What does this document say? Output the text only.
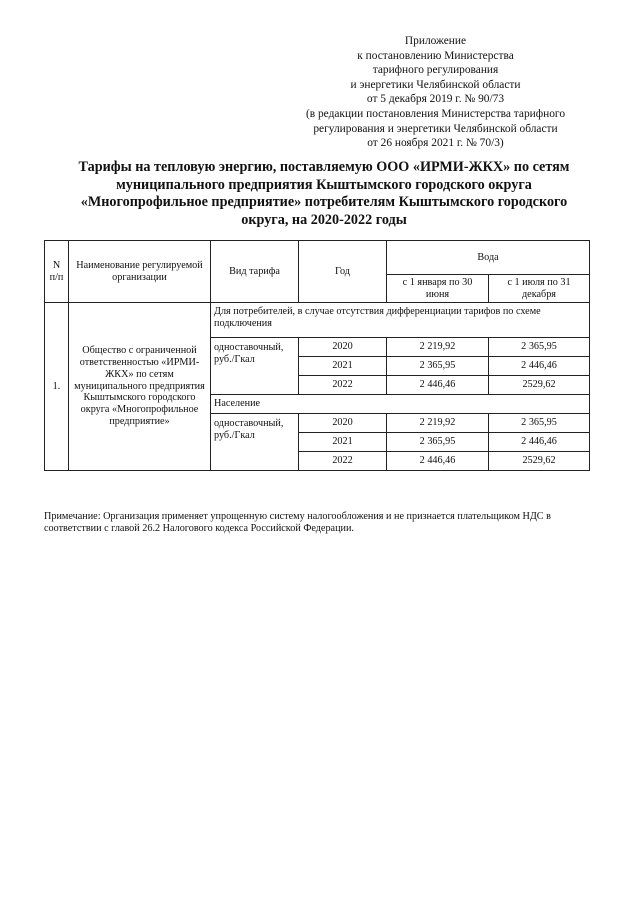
Приложение
к постановлению Министерства
тарифного регулирования
и энергетики Челябинской области
от 5 декабря 2019 г. № 90/73
(в редакции постановления Министерства тарифного
регулирования и энергетики Челябинской области
от 26 ноября 2021 г. № 70/3)
Тарифы на тепловую энергию, поставляемую ООО «ИРМИ-ЖКХ» по сетям
муниципального предприятия Кыштымского городского округа
«Многопрофильное предприятие» потребителям Кыштымского городского
округа, на 2020-2022 годы
N п/п	Наименование регулируемой организации	Вид тарифа	Год	Вода	
				с 1 января по 30 июня	с 1 июля по 31 декабря
1.	Общество с ограниченной ответственностью «ИРМИ-ЖКХ» по сетям муниципального предприятия Кыштымского городского округа «Многопрофильное предприятие»	Для потребителей, в случае отсутствия дифференциации тарифов по схеме подключения			
		одноставочный, руб./Гкал	2020	2 219,92	2 365,95
			2021	2 365,95	2 446,46
			2022	2 446,46	2529,62
		Население			
		одноставочный, руб./Гкал	2020	2 219,92	2 365,95
			2021	2 365,95	2 446,46
			2022	2 446,46	2529,62
Примечание: Организация применяет упрощенную систему налогообложения и не признается плательщиком НДС в соответствии с главой 26.2 Налогового кодекса Российской Федерации.
